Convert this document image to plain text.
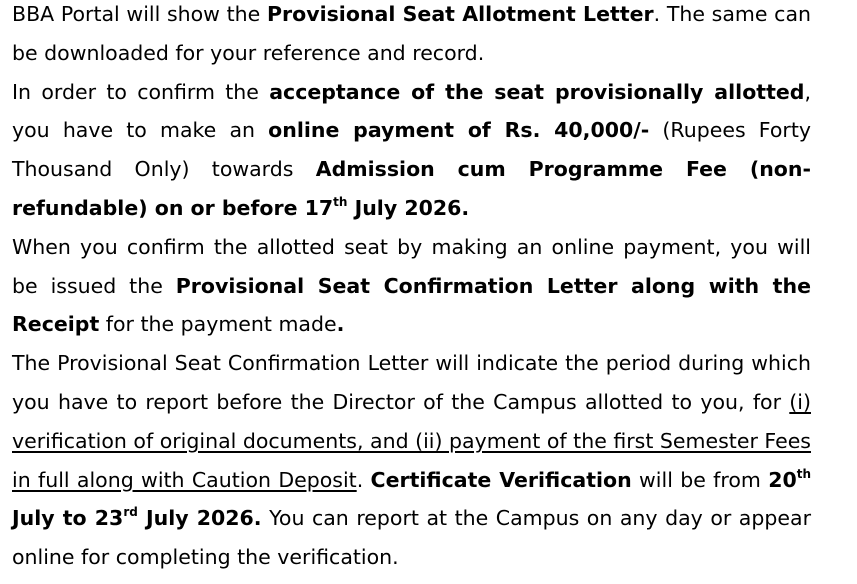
BBA Portal will show the Provisional Seat Allotment Letter. The same can be downloaded for your reference and record.

In order to confirm the acceptance of the seat provisionally allotted, you have to make an online payment of Rs. 40,000/- (Rupees Forty Thousand Only) towards Admission cum Programme Fee (non-refundable) on or before 17th July 2026.

When you confirm the allotted seat by making an online payment, you will be issued the Provisional Seat Confirmation Letter along with the Receipt for the payment made.

The Provisional Seat Confirmation Letter will indicate the period during which you have to report before the Director of the Campus allotted to you, for (i) verification of original documents, and (ii) payment of the first Semester Fees in full along with Caution Deposit. Certificate Verification will be from 20th July to 23rd July 2026. You can report at the Campus on any day or appear online for completing the verification.
